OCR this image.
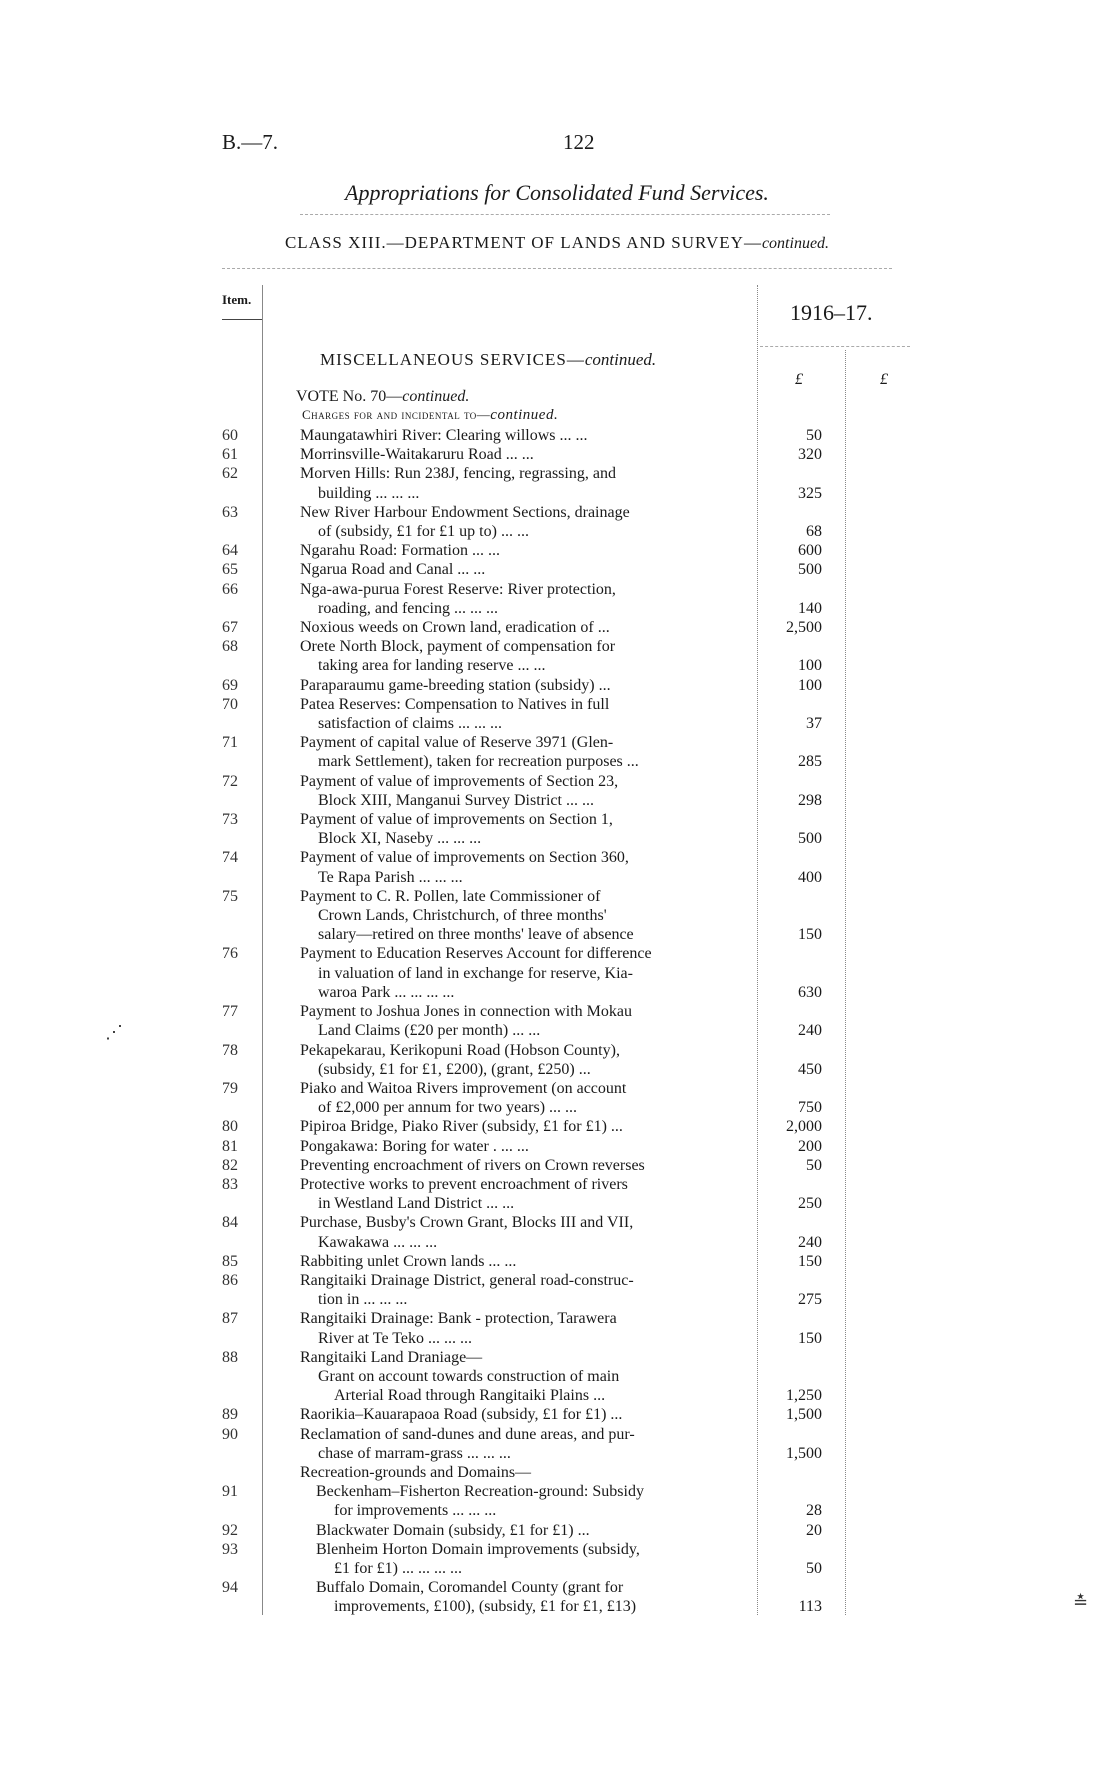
B.—7.	122
Appropriations for Consolidated Fund Services.
CLASS XIII.—DEPARTMENT OF LANDS AND SURVEY—continued.
Item.
1916–17.
MISCELLANEOUS SERVICES—continued.
£	£
VOTE No. 70—continued.
Charges for and incidental to—continued.
60	Maungatawhiri River: Clearing willows ... ...	50
61	Morrinsville-Waitakaruru Road ... ...	320
62	Morven Hills: Run 238J, fencing, regrassing, and
building ... ... ...	325
63	New River Harbour Endowment Sections, drainage
of (subsidy, £1 for £1 up to) ... ...	68
64	Ngarahu Road: Formation ... ...	600
65	Ngarua Road and Canal ... ...	500
66	Nga-awa-purua Forest Reserve: River protection,
roading, and fencing ... ... ...	140
67	Noxious weeds on Crown land, eradication of ...	2,500
68	Orete North Block, payment of compensation for
taking area for landing reserve ... ...	100
69	Paraparaumu game-breeding station (subsidy) ...	100
70	Patea Reserves: Compensation to Natives in full
satisfaction of claims ... ... ...	37
71	Payment of capital value of Reserve 3971 (Glen-
mark Settlement), taken for recreation purposes ...	285
72	Payment of value of improvements of Section 23,
Block XIII, Manganui Survey District ... ...	298
73	Payment of value of improvements on Section 1,
Block XI, Naseby ... ... ...	500
74	Payment of value of improvements on Section 360,
Te Rapa Parish ... ... ...	400
75	Payment to C. R. Pollen, late Commissioner of
Crown Lands, Christchurch, of three months'
salary—retired on three months' leave of absence	150
76	Payment to Education Reserves Account for difference
in valuation of land in exchange for reserve, Kia-
waroa Park ... ... ... ...	630
77	Payment to Joshua Jones in connection with Mokau
Land Claims (£20 per month) ... ...	240
78	Pekapekarau, Kerikopuni Road (Hobson County),
(subsidy, £1 for £1, £200), (grant, £250) ...	450
79	Piako and Waitoa Rivers improvement (on account
of £2,000 per annum for two years) ... ...	750
80	Pipiroa Bridge, Piako River (subsidy, £1 for £1) ...	2,000
81	Pongakawa: Boring for water . ... ...	200
82	Preventing encroachment of rivers on Crown reverses	50
83	Protective works to prevent encroachment of rivers
in Westland Land District ... ...	250
84	Purchase, Busby's Crown Grant, Blocks III and VII,
Kawakawa ... ... ...	240
85	Rabbiting unlet Crown lands ... ...	150
86	Rangitaiki Drainage District, general road-construc-
tion in ... ... ...	275
87	Rangitaiki Drainage: Bank - protection, Tarawera
River at Te Teko ... ... ...	150
88	Rangitaiki Land Draniage—
Grant on account towards construction of main
Arterial Road through Rangitaiki Plains ...	1,250
89	Raorikia–Kauarapaoa Road (subsidy, £1 for £1) ...	1,500
90	Reclamation of sand-dunes and dune areas, and pur-
chase of marram-grass ... ... ...	1,500
Recreation-grounds and Domains—
91	Beckenham–Fisherton Recreation-ground: Subsidy
for improvements ... ... ...	28
92	Blackwater Domain (subsidy, £1 for £1) ...	20
93	Blenheim Horton Domain improvements (subsidy,
£1 for £1) ... ... ... ...	50
94	Buffalo Domain, Coromandel County (grant for
improvements, £100), (subsidy, £1 for £1, £13)	113
⋰
≛
